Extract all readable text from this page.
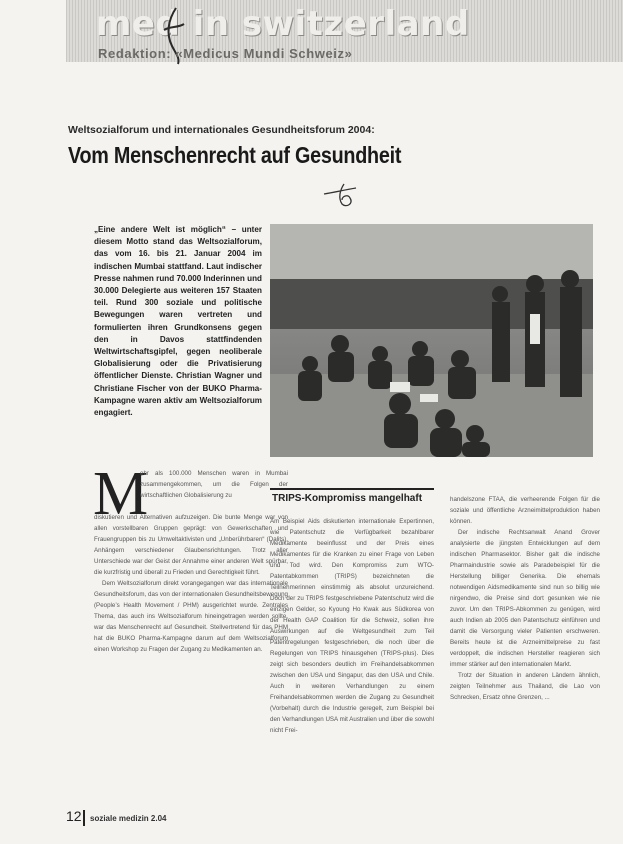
med in switzerland
Redaktion: «Medicus Mundi Schweiz»
Weltsozialforum und internationales Gesundheitsforum 2004:
Vom Menschenrecht auf Gesundheit
„Eine andere Welt ist möglich“ – unter diesem Motto stand das Weltsozialforum, das vom 16. bis 21. Januar 2004 im indischen Mumbai stattfand. Laut indischer Presse nahmen rund 70.000 Inderinnen und 30.000 Delegierte aus weiteren 157 Staaten teil. Rund 300 soziale und politische Bewegungen waren vertreten und formulierten ihren Grundkonsens gegen den in Davos stattfindenden Weltwirtschaftsgipfel, gegen neoliberale Globalisierung oder die Privatisierung öffentlicher Dienste. Christian Wagner und Christiane Fischer von der BUKO Pharma-Kampagne waren aktiv am Weltsozialforum engagiert.
M
ehr als 100.000 Menschen waren in Mumbai zusammengekommen, um die Folgen der wirtschaftlichen Globalisierung zu

diskutieren und Alternativen aufzuzeigen. Die bunte Menge war von allen vorstellbaren Gruppen geprägt: von Gewerkschaften und Frauengruppen bis zu Umweltaktivisten und „Unberührbaren“ (Dalits), Anhängern verschiedener Glaubensrichtungen. Trotz aller Unterschiede war der Geist der Annahme einer anderen Welt spürbar, die kurzfristig und überall zu Frieden und Gerechtigkeit führt.

Dem Weltsozialforum direkt vorangegangen war das internationale Gesundheitsforum, das von der internationalen Gesundheitsbewegung (People’s Health Movement / PHM) ausgerichtet wurde. Zentrales Thema, das auch ins Weltsozialforum hineingetragen werden sollte, war das Menschenrecht auf Gesundheit. Stellvertretend für das PHM hat die BUKO Pharma-Kampagne darum auf dem Weltsozialforum einen Workshop zu Fragen der Zugang zu Medikamenten an.

TRIPS-Kompromiss mangelhaft

Am Beispiel Aids diskutierten internationale Expertinnen, wie Patentschutz die Verfügbarkeit bezahlbarer Medikamente beeinflusst und der Preis eines Medikamentes für die Kranken zu einer Frage von Leben und Tod wird. Den Kompromiss zum WTO-Patentabkommen (TRIPS) bezeichneten die Teilnehmerinnen einstimmig als absolut unzureichend. Doch der zu TRIPS festgeschriebene Patentschutz wird die einzigen Gelder, so Kyoung Ho Kwak aus Südkorea von der Health GAP Coalition für die Schweiz, sollen ihre Auswirkungen auf die Weltgesundheit zum Teil Patentregelungen festgeschrieben, die noch über die Regelungen von TRIPS hinausgehen (TRIPS-plus). Dies zeigt sich besonders deutlich im Freihandelsabkommen zwischen den USA und Singapur, das den USA und Chile. Auch in weiteren Verhandlungen zu einem Freihandelsabkommen werden die Zugang zu Gesundheit (Vorbehalt) durch die Industrie geregelt, zum Beispiel bei den Verhandlungen USA mit Australien und über die sowohl nicht Frei-

handelszone FTAA, die verheerende Folgen für die soziale und öffentliche Arzneimittelproduktion haben können.

Der indische Rechtsanwalt Anand Grover analysierte die jüngsten Entwicklungen auf dem indischen Pharmasektor. Bisher galt die indische Pharmaindustrie sowie als Paradebeispiel für die Herstellung billiger Generika. Die ehemals notwendigen Aidsmedikamente sind nun so billig wie nirgendwo, die Preise sind dort gesunken wie nie zuvor. Um den TRIPS-Abkommen zu genügen, wird auch Indien ab 2005 den Patentschutz einführen und damit die Versorgung vieler Patienten erschweren. Bereits heute ist die Arzneimittelpreise zu fast verdoppelt, die indischen Hersteller reagieren sich immer stärker auf den internationalen Markt.

Trotz der Situation in anderen Ländern ähnlich, zeigten Teilnehmer aus Thailand, die Lao von Schrecken, Ersatz ohne Grenzen, ...

12 soziale medizin 2.04
